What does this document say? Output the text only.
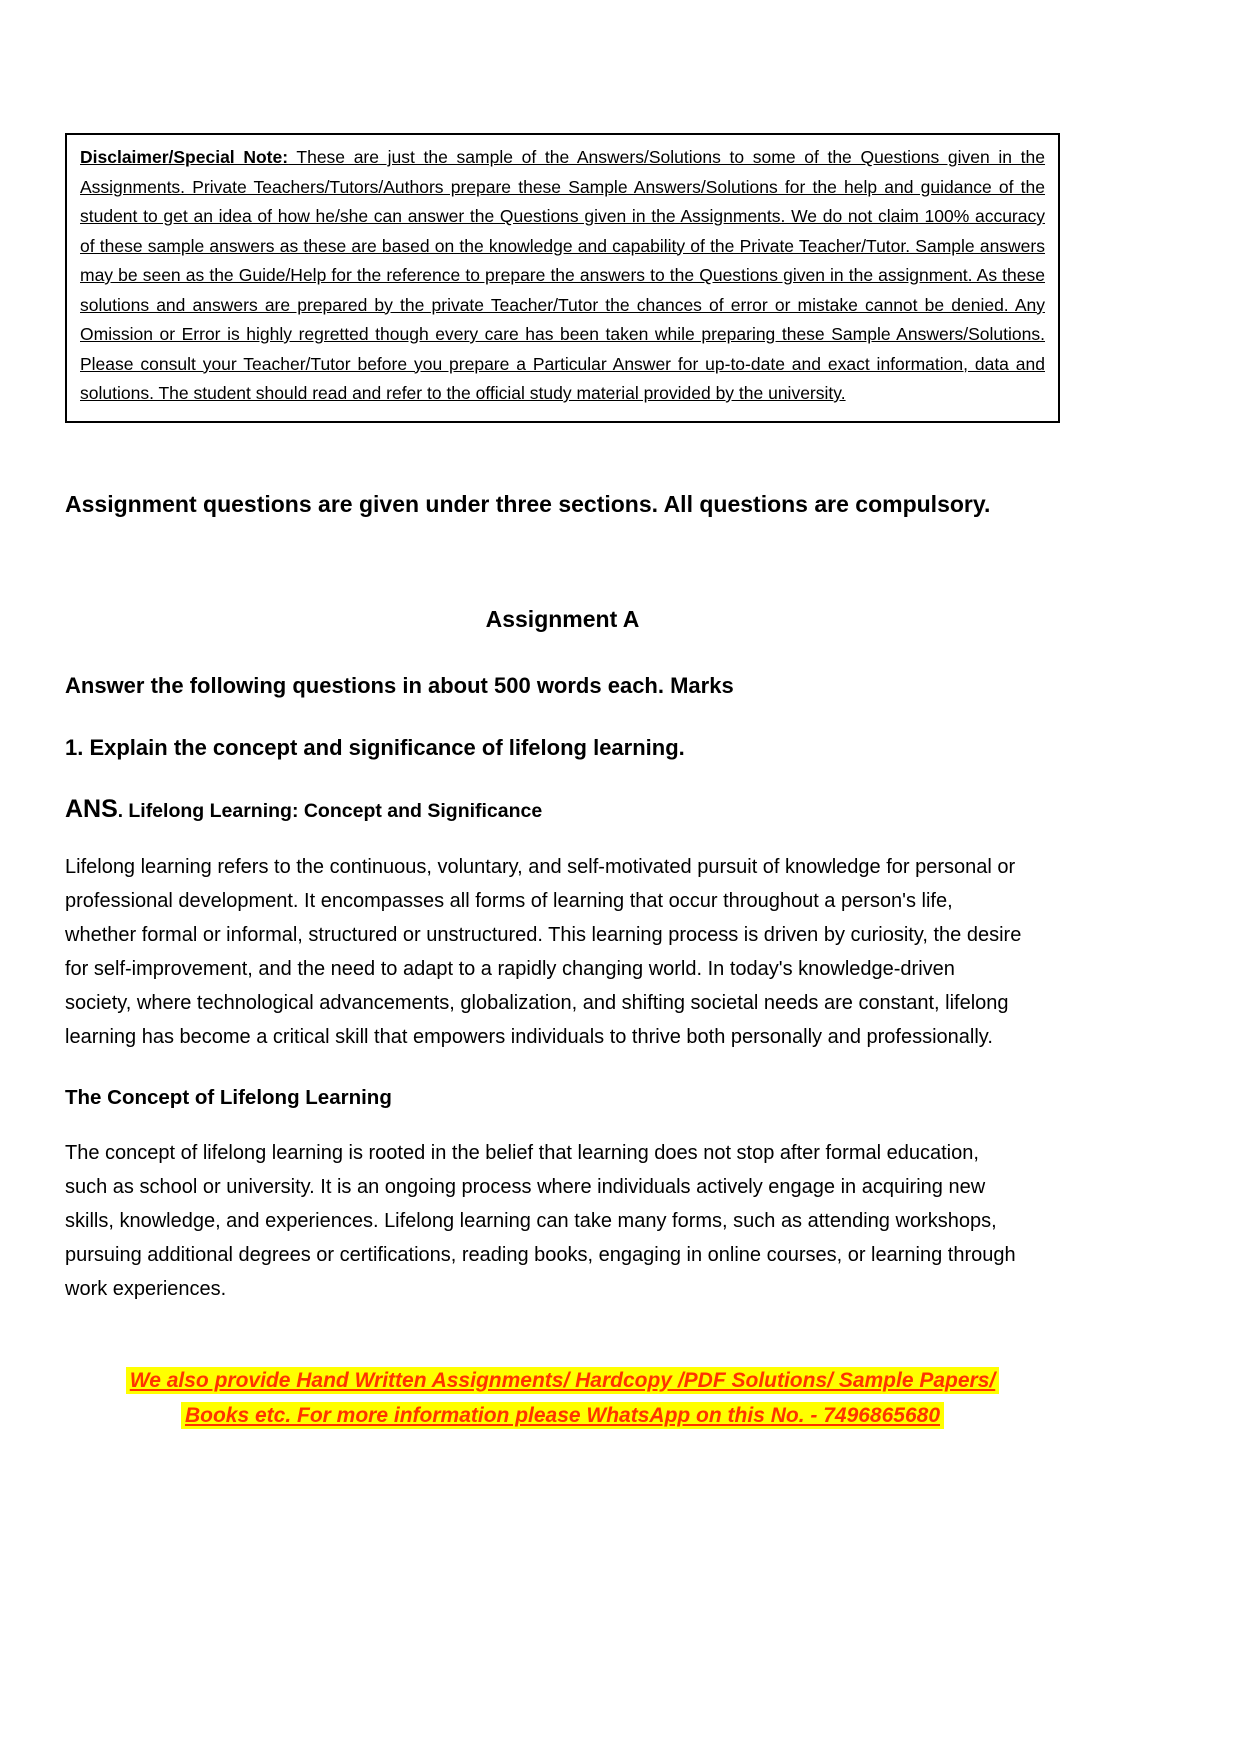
Disclaimer/Special Note: These are just the sample of the Answers/Solutions to some of the Questions given in the Assignments. Private Teachers/Tutors/Authors prepare these Sample Answers/Solutions for the help and guidance of the student to get an idea of how he/she can answer the Questions given in the Assignments. We do not claim 100% accuracy of these sample answers as these are based on the knowledge and capability of the Private Teacher/Tutor. Sample answers may be seen as the Guide/Help for the reference to prepare the answers to the Questions given in the assignment. As these solutions and answers are prepared by the private Teacher/Tutor the chances of error or mistake cannot be denied. Any Omission or Error is highly regretted though every care has been taken while preparing these Sample Answers/Solutions. Please consult your Teacher/Tutor before you prepare a Particular Answer for up-to-date and exact information, data and solutions. The student should read and refer to the official study material provided by the university.
Assignment questions are given under three sections. All questions are compulsory.
Assignment A
Answer the following questions in about 500 words each. Marks
1. Explain the concept and significance of lifelong learning.
ANS. Lifelong Learning: Concept and Significance
Lifelong learning refers to the continuous, voluntary, and self-motivated pursuit of knowledge for personal or professional development. It encompasses all forms of learning that occur throughout a person's life, whether formal or informal, structured or unstructured. This learning process is driven by curiosity, the desire for self-improvement, and the need to adapt to a rapidly changing world. In today's knowledge-driven society, where technological advancements, globalization, and shifting societal needs are constant, lifelong learning has become a critical skill that empowers individuals to thrive both personally and professionally.
The Concept of Lifelong Learning
The concept of lifelong learning is rooted in the belief that learning does not stop after formal education, such as school or university. It is an ongoing process where individuals actively engage in acquiring new skills, knowledge, and experiences. Lifelong learning can take many forms, such as attending workshops, pursuing additional degrees or certifications, reading books, engaging in online courses, or learning through work experiences.
We also provide Hand Written Assignments/ Hardcopy /PDF Solutions/ Sample Papers/
Books etc. For more information please WhatsApp on this No. - 7496865680
